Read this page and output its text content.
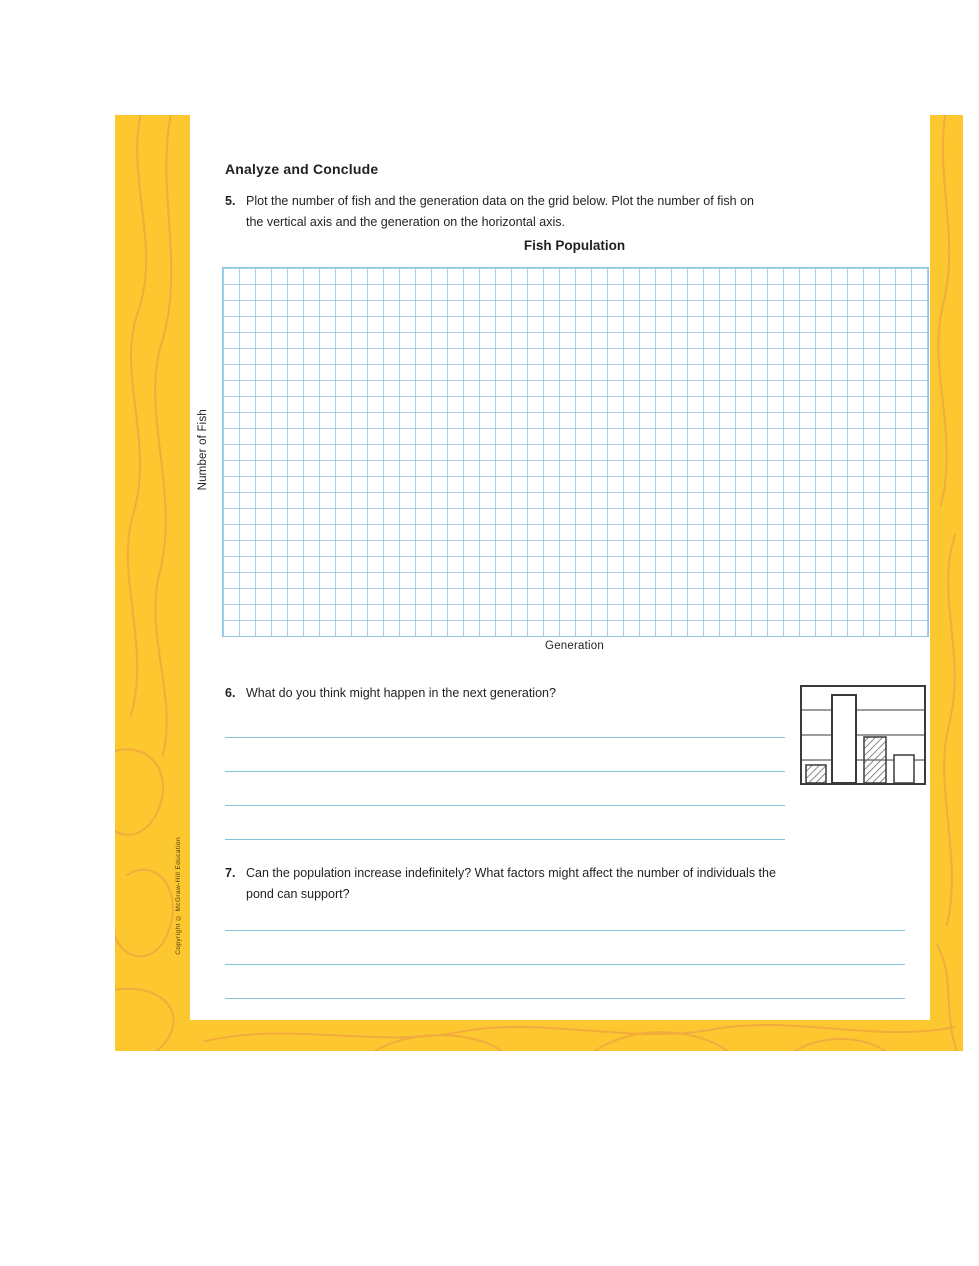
Copyright © McGraw-Hill Education
Analyze and Conclude
5. Plot the number of fish and the generation data on the grid below. Plot the number of fish on the vertical axis and the generation on the horizontal axis.
Fish Population
Number of Fish
Generation
6. What do you think might happen in the next generation?
7. Can the population increase indefinitely? What factors might affect the number of individuals the pond can support?
